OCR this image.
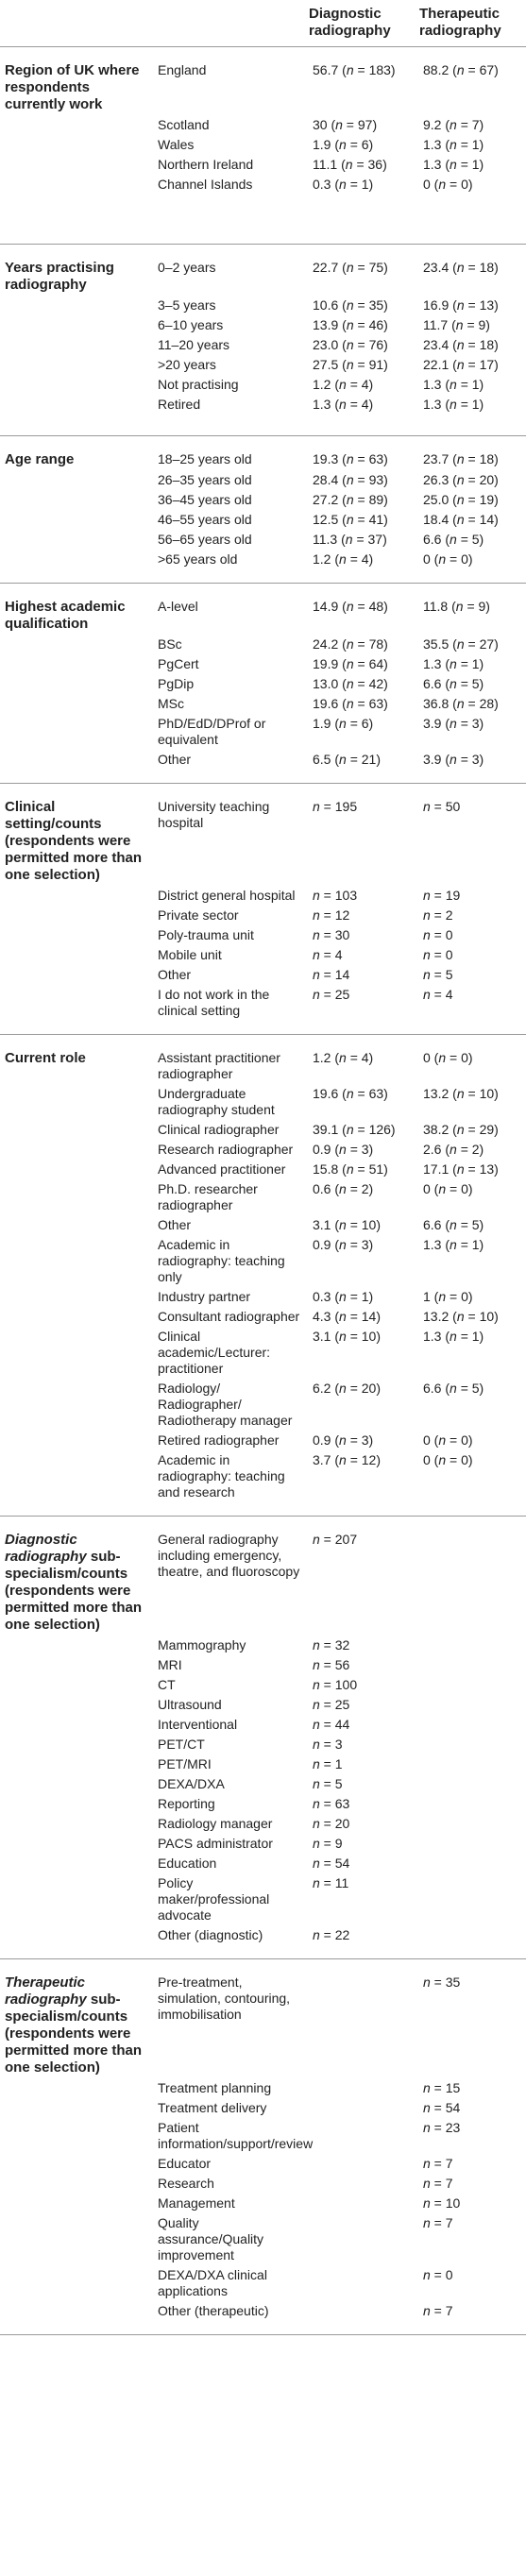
		Diagnostic radiography	Therapeutic radiography
Region of UK where respondents currently work	England	56.7 (n = 183)	88.2 (n = 67)
	Scotland	30 (n = 97)	9.2 (n = 7)
	Wales	1.9 (n = 6)	1.3 (n = 1)
	Northern Ireland	11.1 (n = 36)	1.3 (n = 1)
	Channel Islands	0.3 (n = 1)	0 (n = 0)
Years practising radiography	0–2 years	22.7 (n = 75)	23.4 (n = 18)
	3–5 years	10.6 (n = 35)	16.9 (n = 13)
	6–10 years	13.9 (n = 46)	11.7 (n = 9)
	11–20 years	23.0 (n = 76)	23.4 (n = 18)
	>20 years	27.5 (n = 91)	22.1 (n = 17)
	Not practising	1.2 (n = 4)	1.3 (n = 1)
	Retired	1.3 (n = 4)	1.3 (n = 1)
Age range	18–25 years old	19.3 (n = 63)	23.7 (n = 18)
	26–35 years old	28.4 (n = 93)	26.3 (n = 20)
	36–45 years old	27.2 (n = 89)	25.0 (n = 19)
	46–55 years old	12.5 (n = 41)	18.4 (n = 14)
	56–65 years old	11.3 (n = 37)	6.6 (n = 5)
	>65 years old	1.2 (n = 4)	0 (n = 0)
Highest academic qualification	A-level	14.9 (n = 48)	11.8 (n = 9)
	BSc	24.2 (n = 78)	35.5 (n = 27)
	PgCert	19.9 (n = 64)	1.3 (n = 1)
	PgDip	13.0 (n = 42)	6.6 (n = 5)
	MSc	19.6 (n = 63)	36.8 (n = 28)
	PhD/EdD/DProf or equivalent	1.9 (n = 6)	3.9 (n = 3)
	Other	6.5 (n = 21)	3.9 (n = 3)
Clinical setting/counts (respondents were permitted more than one selection)	University teaching hospital	n = 195	n = 50
	District general hospital	n = 103	n = 19
	Private sector	n = 12	n = 2
	Poly-trauma unit	n = 30	n = 0
	Mobile unit	n = 4	n = 0
	Other	n = 14	n = 5
	I do not work in the clinical setting	n = 25	n = 4
Current role	Assistant practitioner radiographer	1.2 (n = 4)	0 (n = 0)
	Undergraduate radiography student	19.6 (n = 63)	13.2 (n = 10)
	Clinical radiographer	39.1 (n = 126)	38.2 (n = 29)
	Research radiographer	0.9 (n = 3)	2.6 (n = 2)
	Advanced practitioner	15.8 (n = 51)	17.1 (n = 13)
	Ph.D. researcher radiographer	0.6 (n = 2)	0 (n = 0)
	Other	3.1 (n = 10)	6.6 (n = 5)
	Academic in radiography: teaching only	0.9 (n = 3)	1.3 (n = 1)
	Industry partner	0.3 (n = 1)	1 (n = 0)
	Consultant radiographer	4.3 (n = 14)	13.2 (n = 10)
	Clinical academic/Lecturer: practitioner	3.1 (n = 10)	1.3 (n = 1)
	Radiology/ Radiographer/ Radiotherapy manager	6.2 (n = 20)	6.6 (n = 5)
	Retired radiographer	0.9 (n = 3)	0 (n = 0)
	Academic in radiography: teaching and research	3.7 (n = 12)	0 (n = 0)
Diagnostic radiography sub-specialism/counts (respondents were permitted more than one selection)	General radiography including emergency, theatre, and fluoroscopy	n = 207	
	Mammography	n = 32	
	MRI	n = 56	
	CT	n = 100	
	Ultrasound	n = 25	
	Interventional	n = 44	
	PET/CT	n = 3	
	PET/MRI	n = 1	
	DEXA/DXA	n = 5	
	Reporting	n = 63	
	Radiology manager	n = 20	
	PACS administrator	n = 9	
	Education	n = 54	
	Policy maker/professional advocate	n = 11	
	Other (diagnostic)	n = 22	
Therapeutic radiography sub-specialism/counts (respondents were permitted more than one selection)	Pre-treatment, simulation, contouring, immobilisation		n = 35
	Treatment planning		n = 15
	Treatment delivery		n = 54
	Patient information/support/review		n = 23
	Educator		n = 7
	Research		n = 7
	Management		n = 10
	Quality assurance/Quality improvement		n = 7
	DEXA/DXA clinical applications		n = 0
	Other (therapeutic)		n = 7
